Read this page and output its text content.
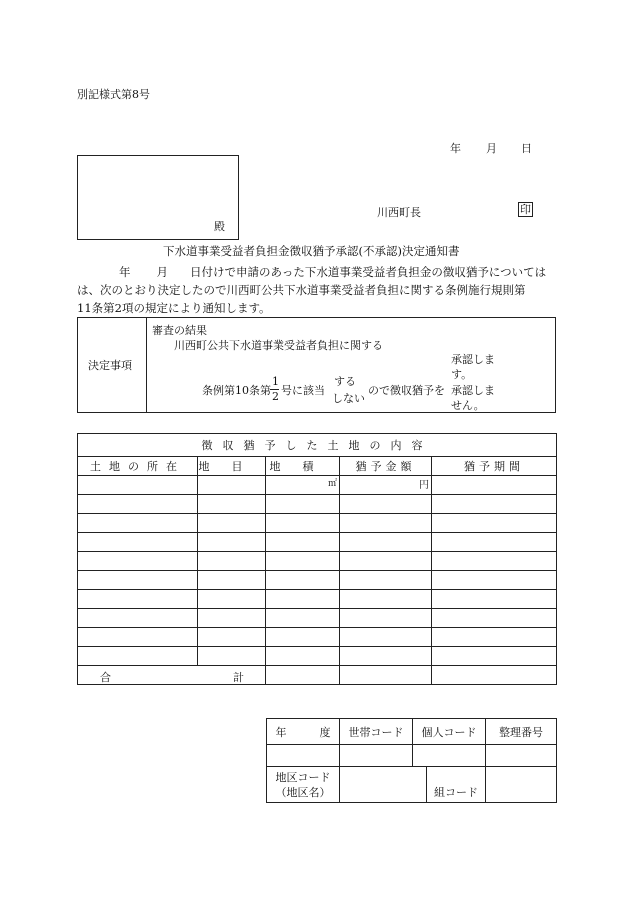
別記様式第8号
年 月 日
殿
川西町長	印
下水道事業受益者負担金徴収猶予承認(不承認)決定通知書
年 月 日付けで申請のあった下水道事業受益者負担金の徴収猶予については
は、次のとおり決定したので川西町公共下水道事業受益者負担に関する条例施行規則第
11条第2項の規定により通知します。
決定事項
審査の結果
川西町公共下水道事業受益者負担に関する
条例第10条第
1
2 号に該当
する
しない
ので徴収猶予を
承認しま
す。
承認しま
せん。
徴収猶予した土地の内容				
土地の所在	地目	地積	猶予金額	猶予期間
		㎡	円	

合 計				

年　　　度	世帯コード	個人コード		整理番号

地区コード
（地区名）			組コード	
